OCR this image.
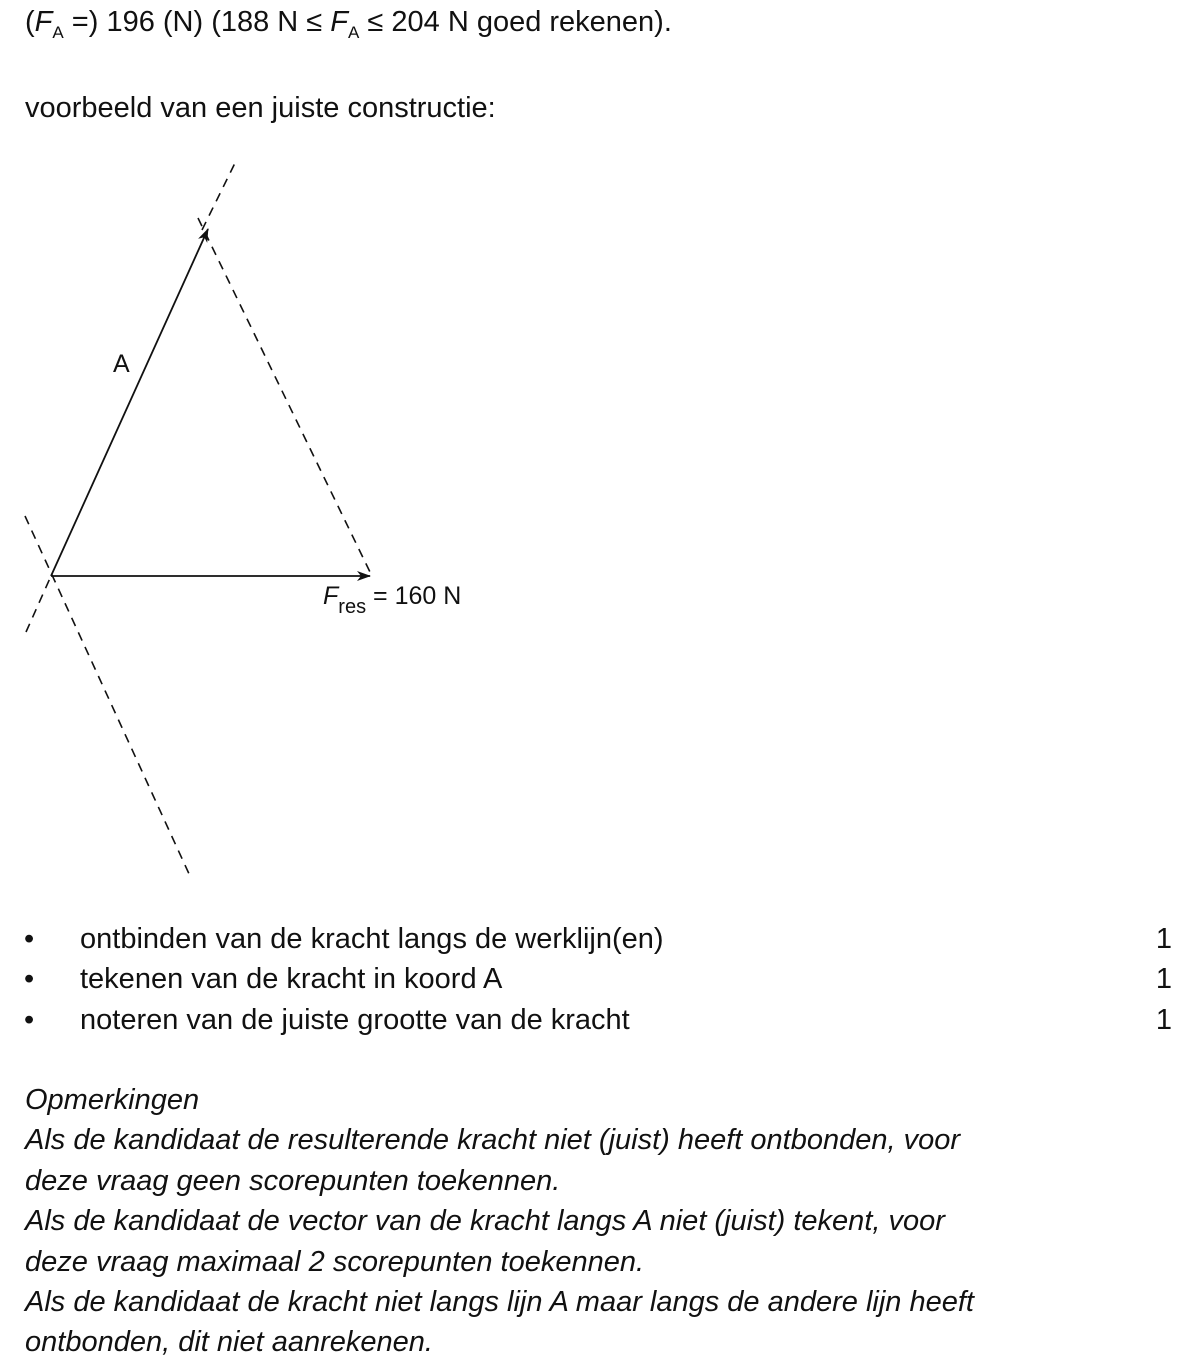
($F_A$ =) 196 (N) (188 $N \le F_A \le 204$ N goed rekenen).
voorbeeld van een juiste constructie:
A
$F_{res} = 160$ N
• ontbinden van de kracht langs de werklijn(en)	1
• tekenen van de kracht in koord A	1
• noteren van de juiste grootte van de kracht	1
Opmerkingen
Als de kandidaat de resulterende kracht niet (juist) heeft ontbonden, voor
deze vraag geen scorepunten toekennen.
Als de kandidaat de vector van de kracht langs A niet (juist) tekent, voor
deze vraag maximaal 2 scorepunten toekennen.
Als de kandidaat de kracht niet langs lijn A maar langs de andere lijn heeft
ontbonden, dit niet aanrekenen.
